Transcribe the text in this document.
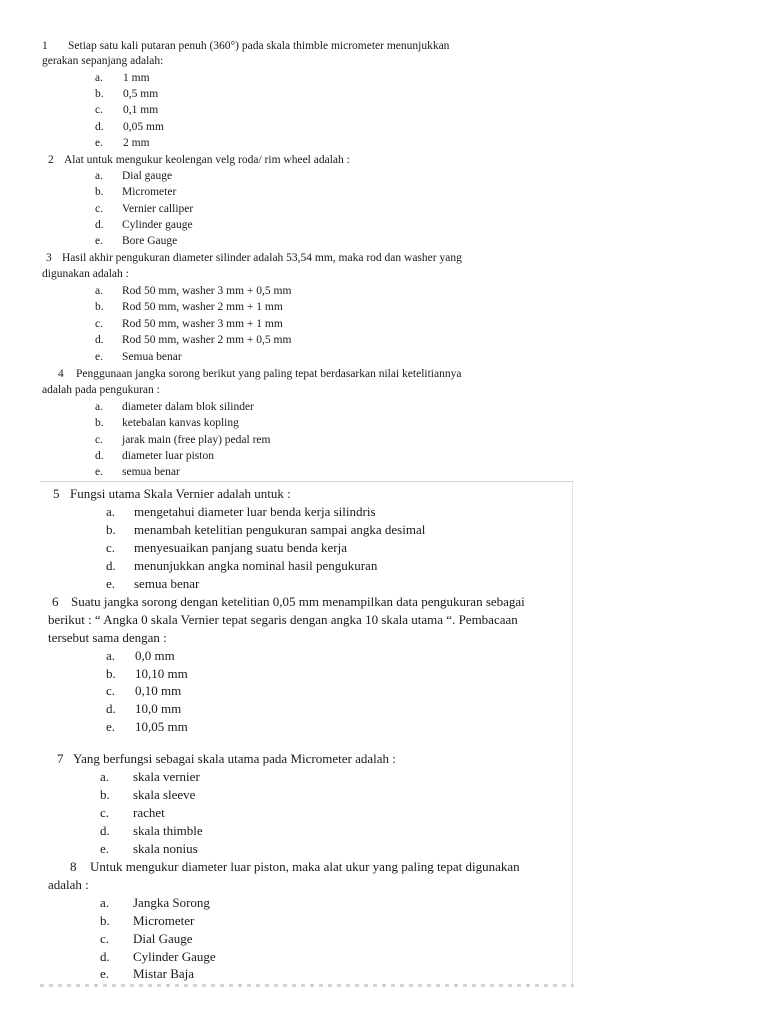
1 Setiap satu kali putaran penuh (360°) pada skala thimble micrometer menunjukkan
gerakan sepanjang adalah:
a. 1 mm
b. 0,5 mm
c. 0,1 mm
d. 0,05 mm
e. 2 mm
2 Alat untuk mengukur keolengan velg roda/ rim wheel adalah :
a. Dial gauge
b. Micrometer
c. Vernier calliper
d. Cylinder gauge
e. Bore Gauge
3 Hasil akhir pengukuran diameter silinder adalah 53,54 mm, maka rod dan washer yang
digunakan adalah :
a. Rod 50 mm, washer 3 mm + 0,5 mm
b. Rod 50 mm, washer 2 mm + 1 mm
c. Rod 50 mm, washer 3 mm + 1 mm
d. Rod 50 mm, washer 2 mm + 0,5 mm
e. Semua benar
4 Penggunaan jangka sorong berikut yang paling tepat berdasarkan nilai ketelitiannya
adalah pada pengukuran :
a. diameter dalam blok silinder
b. ketebalan kanvas kopling
c. jarak main (free play) pedal rem
d. diameter luar piston
e. semua benar
5 Fungsi utama Skala Vernier adalah untuk :
a. mengetahui diameter luar benda kerja silindris
b. menambah ketelitian pengukuran sampai angka desimal
c. menyesuaikan panjang suatu benda kerja
d. menunjukkan angka nominal hasil pengukuran
e. semua benar
6 Suatu jangka sorong dengan ketelitian 0,05 mm menampilkan data pengukuran sebagai
berikut : “ Angka 0 skala Vernier tepat segaris dengan angka 10 skala utama “. Pembacaan
tersebut sama dengan :
a. 0,0 mm
b. 10,10 mm
c. 0,10 mm
d. 10,0 mm
e. 10,05 mm
7 Yang berfungsi sebagai skala utama pada Micrometer adalah :
a. skala vernier
b. skala sleeve
c. rachet
d. skala thimble
e. skala nonius
8 Untuk mengukur diameter luar piston, maka alat ukur yang paling tepat digunakan
adalah :
a. Jangka Sorong
b. Micrometer
c. Dial Gauge
d. Cylinder Gauge
e. Mistar Baja
